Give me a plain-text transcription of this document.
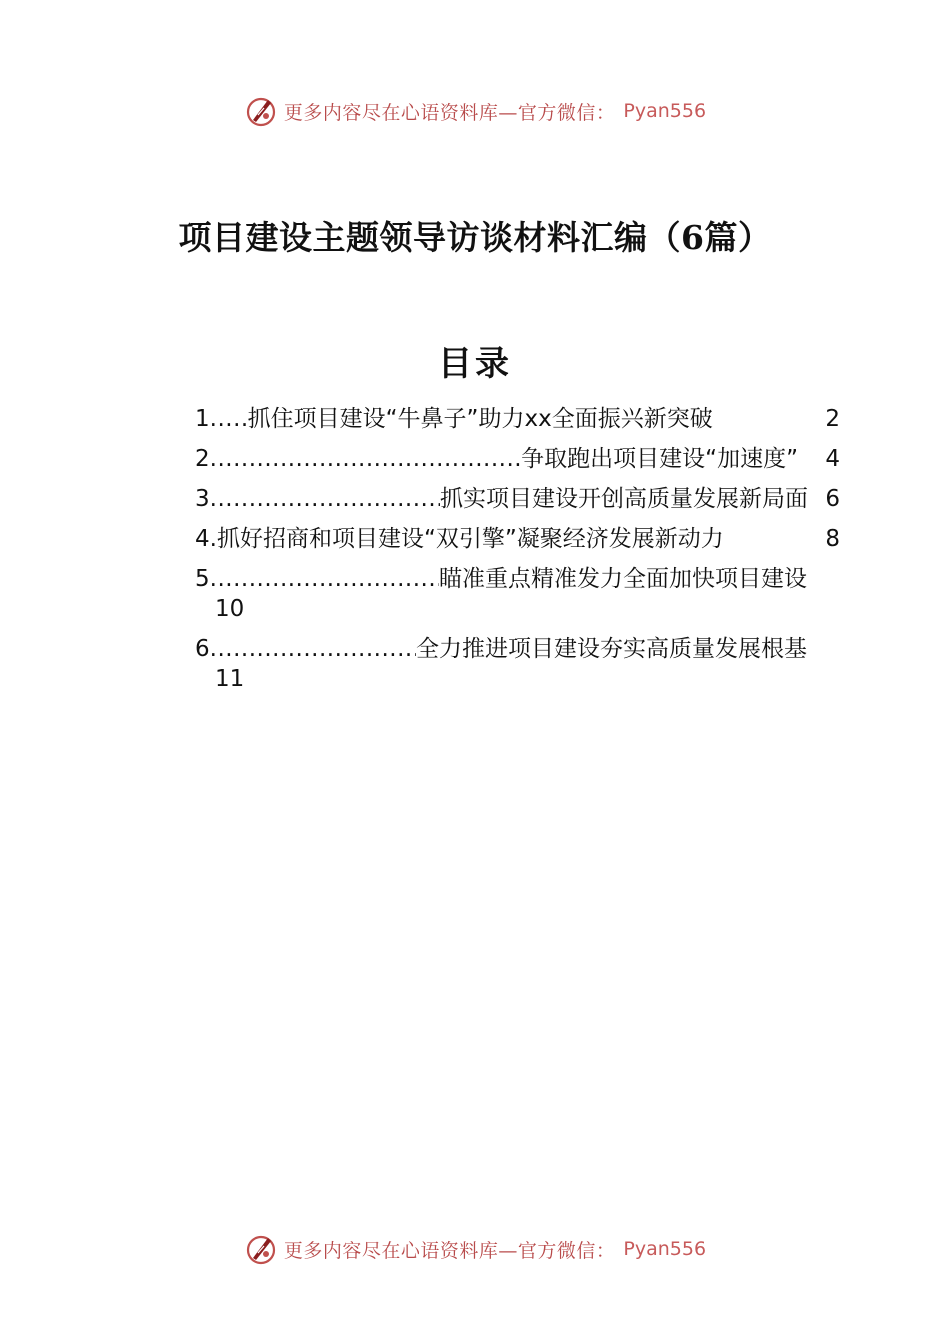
更多内容尽在心语资料库—官方微信： Pyan556
项目建设主题领导访谈材料汇编（6篇）
目录
1 ..... 抓住项目建设“牛鼻子”助力xx全面振兴新突破	2
2 .....	争取跑出项目建设“加速度”	4
3 .....	抓实项目建设开创高质量发展新局面 6
4 . 抓好招商和项目建设“双引擎”凝聚经济发展新动力	8
5 .....	瞄准重点精准发力全面加快项目建设
10
6 .....	全力推进项目建设夯实高质量发展根基
11
更多内容尽在心语资料库—官方微信： Pyan556
